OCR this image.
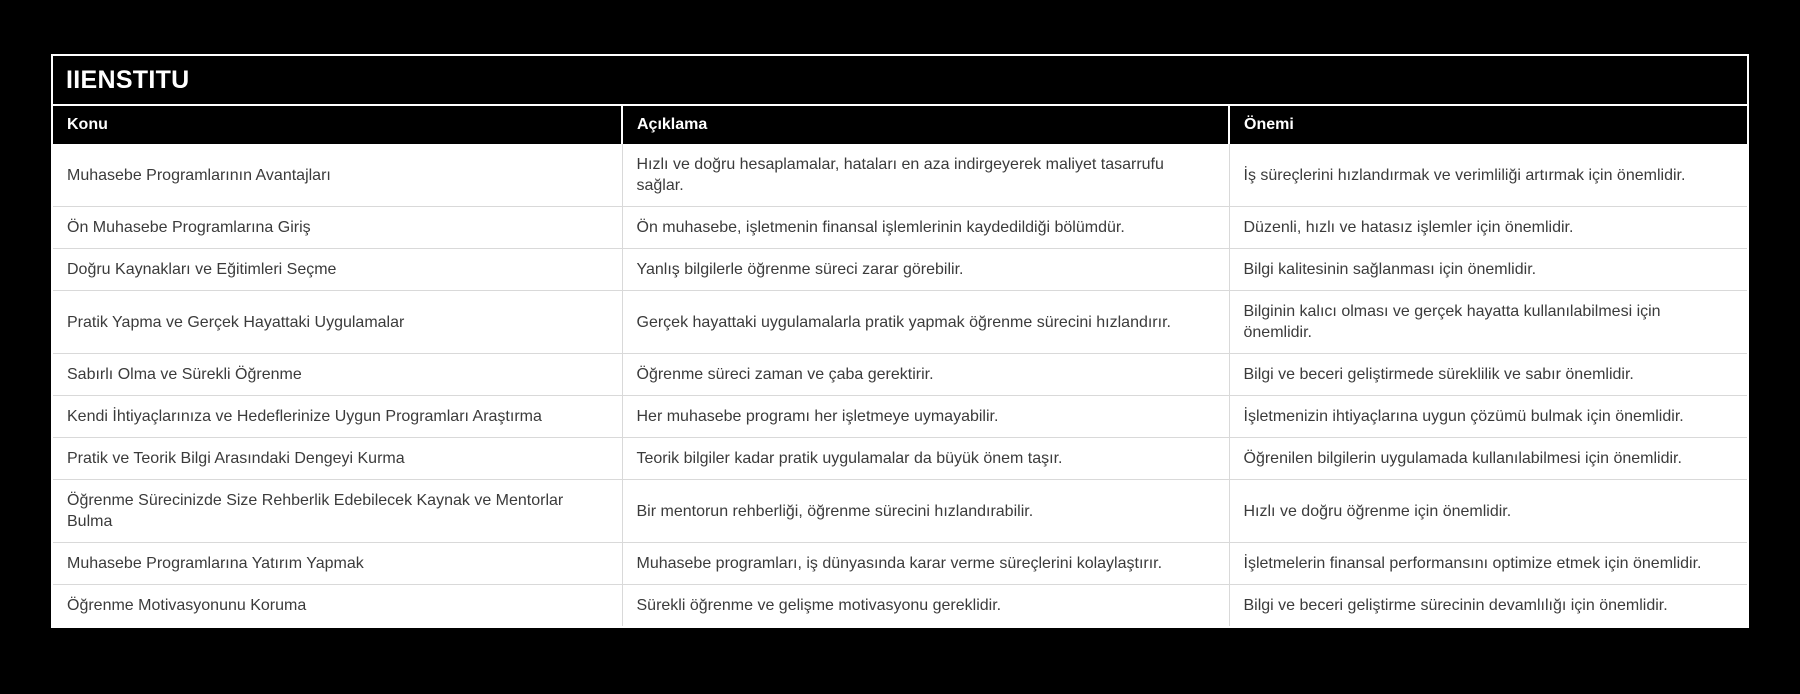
IIENSTITU
Konu	Açıklama	Önemi
Muhasebe Programlarının Avantajları	Hızlı ve doğru hesaplamalar, hataları en aza indirgeyerek maliyet tasarrufu sağlar.	İş süreçlerini hızlandırmak ve verimliliği artırmak için önemlidir.
Ön Muhasebe Programlarına Giriş	Ön muhasebe, işletmenin finansal işlemlerinin kaydedildiği bölümdür.	Düzenli, hızlı ve hatasız işlemler için önemlidir.
Doğru Kaynakları ve Eğitimleri Seçme	Yanlış bilgilerle öğrenme süreci zarar görebilir.	Bilgi kalitesinin sağlanması için önemlidir.
Pratik Yapma ve Gerçek Hayattaki Uygulamalar	Gerçek hayattaki uygulamalarla pratik yapmak öğrenme sürecini hızlandırır.	Bilginin kalıcı olması ve gerçek hayatta kullanılabilmesi için önemlidir.
Sabırlı Olma ve Sürekli Öğrenme	Öğrenme süreci zaman ve çaba gerektirir.	Bilgi ve beceri geliştirmede süreklilik ve sabır önemlidir.
Kendi İhtiyaçlarınıza ve Hedeflerinize Uygun Programları Araştırma	Her muhasebe programı her işletmeye uymayabilir.	İşletmenizin ihtiyaçlarına uygun çözümü bulmak için önemlidir.
Pratik ve Teorik Bilgi Arasındaki Dengeyi Kurma	Teorik bilgiler kadar pratik uygulamalar da büyük önem taşır.	Öğrenilen bilgilerin uygulamada kullanılabilmesi için önemlidir.
Öğrenme Sürecinizde Size Rehberlik Edebilecek Kaynak ve Mentorlar Bulma	Bir mentorun rehberliği, öğrenme sürecini hızlandırabilir.	Hızlı ve doğru öğrenme için önemlidir.
Muhasebe Programlarına Yatırım Yapmak	Muhasebe programları, iş dünyasında karar verme süreçlerini kolaylaştırır.	İşletmelerin finansal performansını optimize etmek için önemlidir.
Öğrenme Motivasyonunu Koruma	Sürekli öğrenme ve gelişme motivasyonu gereklidir.	Bilgi ve beceri geliştirme sürecinin devamlılığı için önemlidir.
